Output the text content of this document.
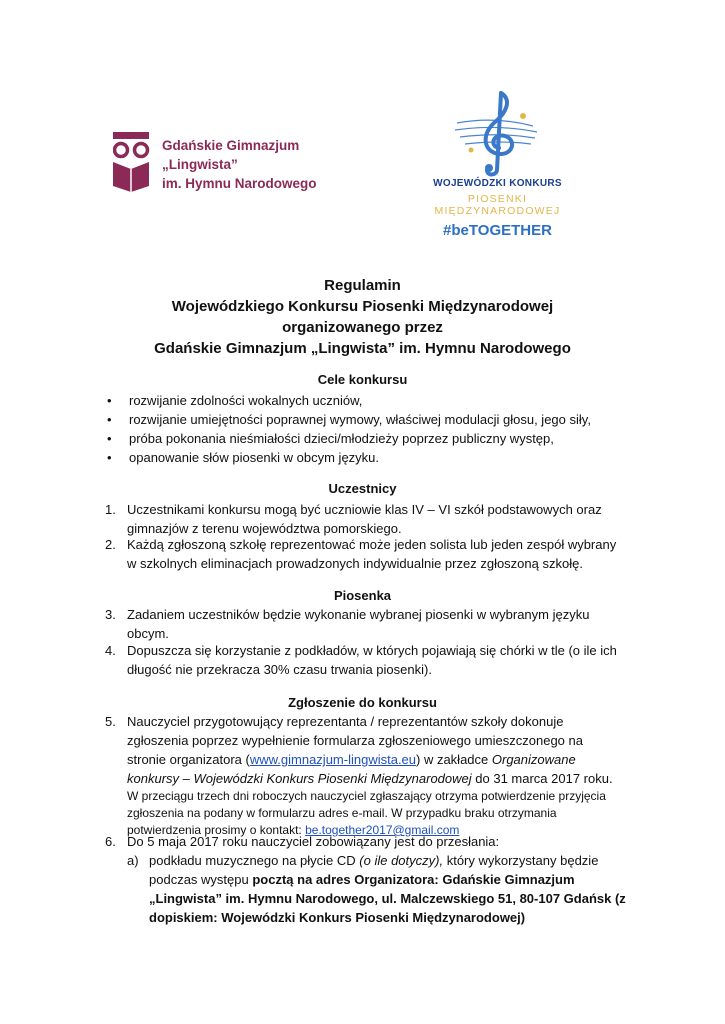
Gdańskie Gimnazjum
„Lingwista”
im. Hymnu Narodowego	WOJEWÓDZKI KONKURS
PIOSENKI
MIĘDZYNARODOWEJ
#beTOGETHER
Regulamin
Wojewódzkiego Konkursu Piosenki Międzynarodowej
organizowanego przez
Gdańskie Gimnazjum „Lingwista” im. Hymnu Narodowego
Cele konkursu
• rozwijanie zdolności wokalnych uczniów,
• rozwijanie umiejętności poprawnej wymowy, właściwej modulacji głosu, jego siły,
• próba pokonania nieśmiałości dzieci/młodzieży poprzez publiczny występ,
• opanowanie słów piosenki w obcym języku.
Uczestnicy
1. Uczestnikami konkursu mogą być uczniowie klas IV – VI szkół podstawowych oraz
gimnazjów z terenu województwa pomorskiego.
2. Każdą zgłoszoną szkołę reprezentować może jeden solista lub jeden zespół wybrany
w szkolnych eliminacjach prowadzonych indywidualnie przez zgłoszoną szkołę.
Piosenka
3. Zadaniem uczestników będzie wykonanie wybranej piosenki w wybranym języku
obcym.
4. Dopuszcza się korzystanie z podkładów, w których pojawiają się chórki w tle (o ile ich
długość nie przekracza 30% czasu trwania piosenki).
Zgłoszenie do konkursu
5. Nauczyciel przygotowujący reprezentanta / reprezentantów szkoły dokonuje
zgłoszenia poprzez wypełnienie formularza zgłoszeniowego umieszczonego na
stronie organizatora (www.gimnazjum-lingwista.eu) w zakładce Organizowane
konkursy – Wojewódzki Konkurs Piosenki Międzynarodowej do 31 marca 2017 roku.
W przeciągu trzech dni roboczych nauczyciel zgłaszający otrzyma potwierdzenie przyjęcia
zgłoszenia na podany w formularzu adres e-mail. W przypadku braku otrzymania
potwierdzenia prosimy o kontakt: be.together2017@gmail.com
6. Do 5 maja 2017 roku nauczyciel zobowiązany jest do przesłania:
a) podkładu muzycznego na płycie CD (o ile dotyczy), który wykorzystany będzie
podczas występu pocztą na adres Organizatora: Gdańskie Gimnazjum
„Lingwista” im. Hymnu Narodowego, ul. Malczewskiego 51, 80-107 Gdańsk (z
dopiskiem: Wojewódzki Konkurs Piosenki Międzynarodowej)
